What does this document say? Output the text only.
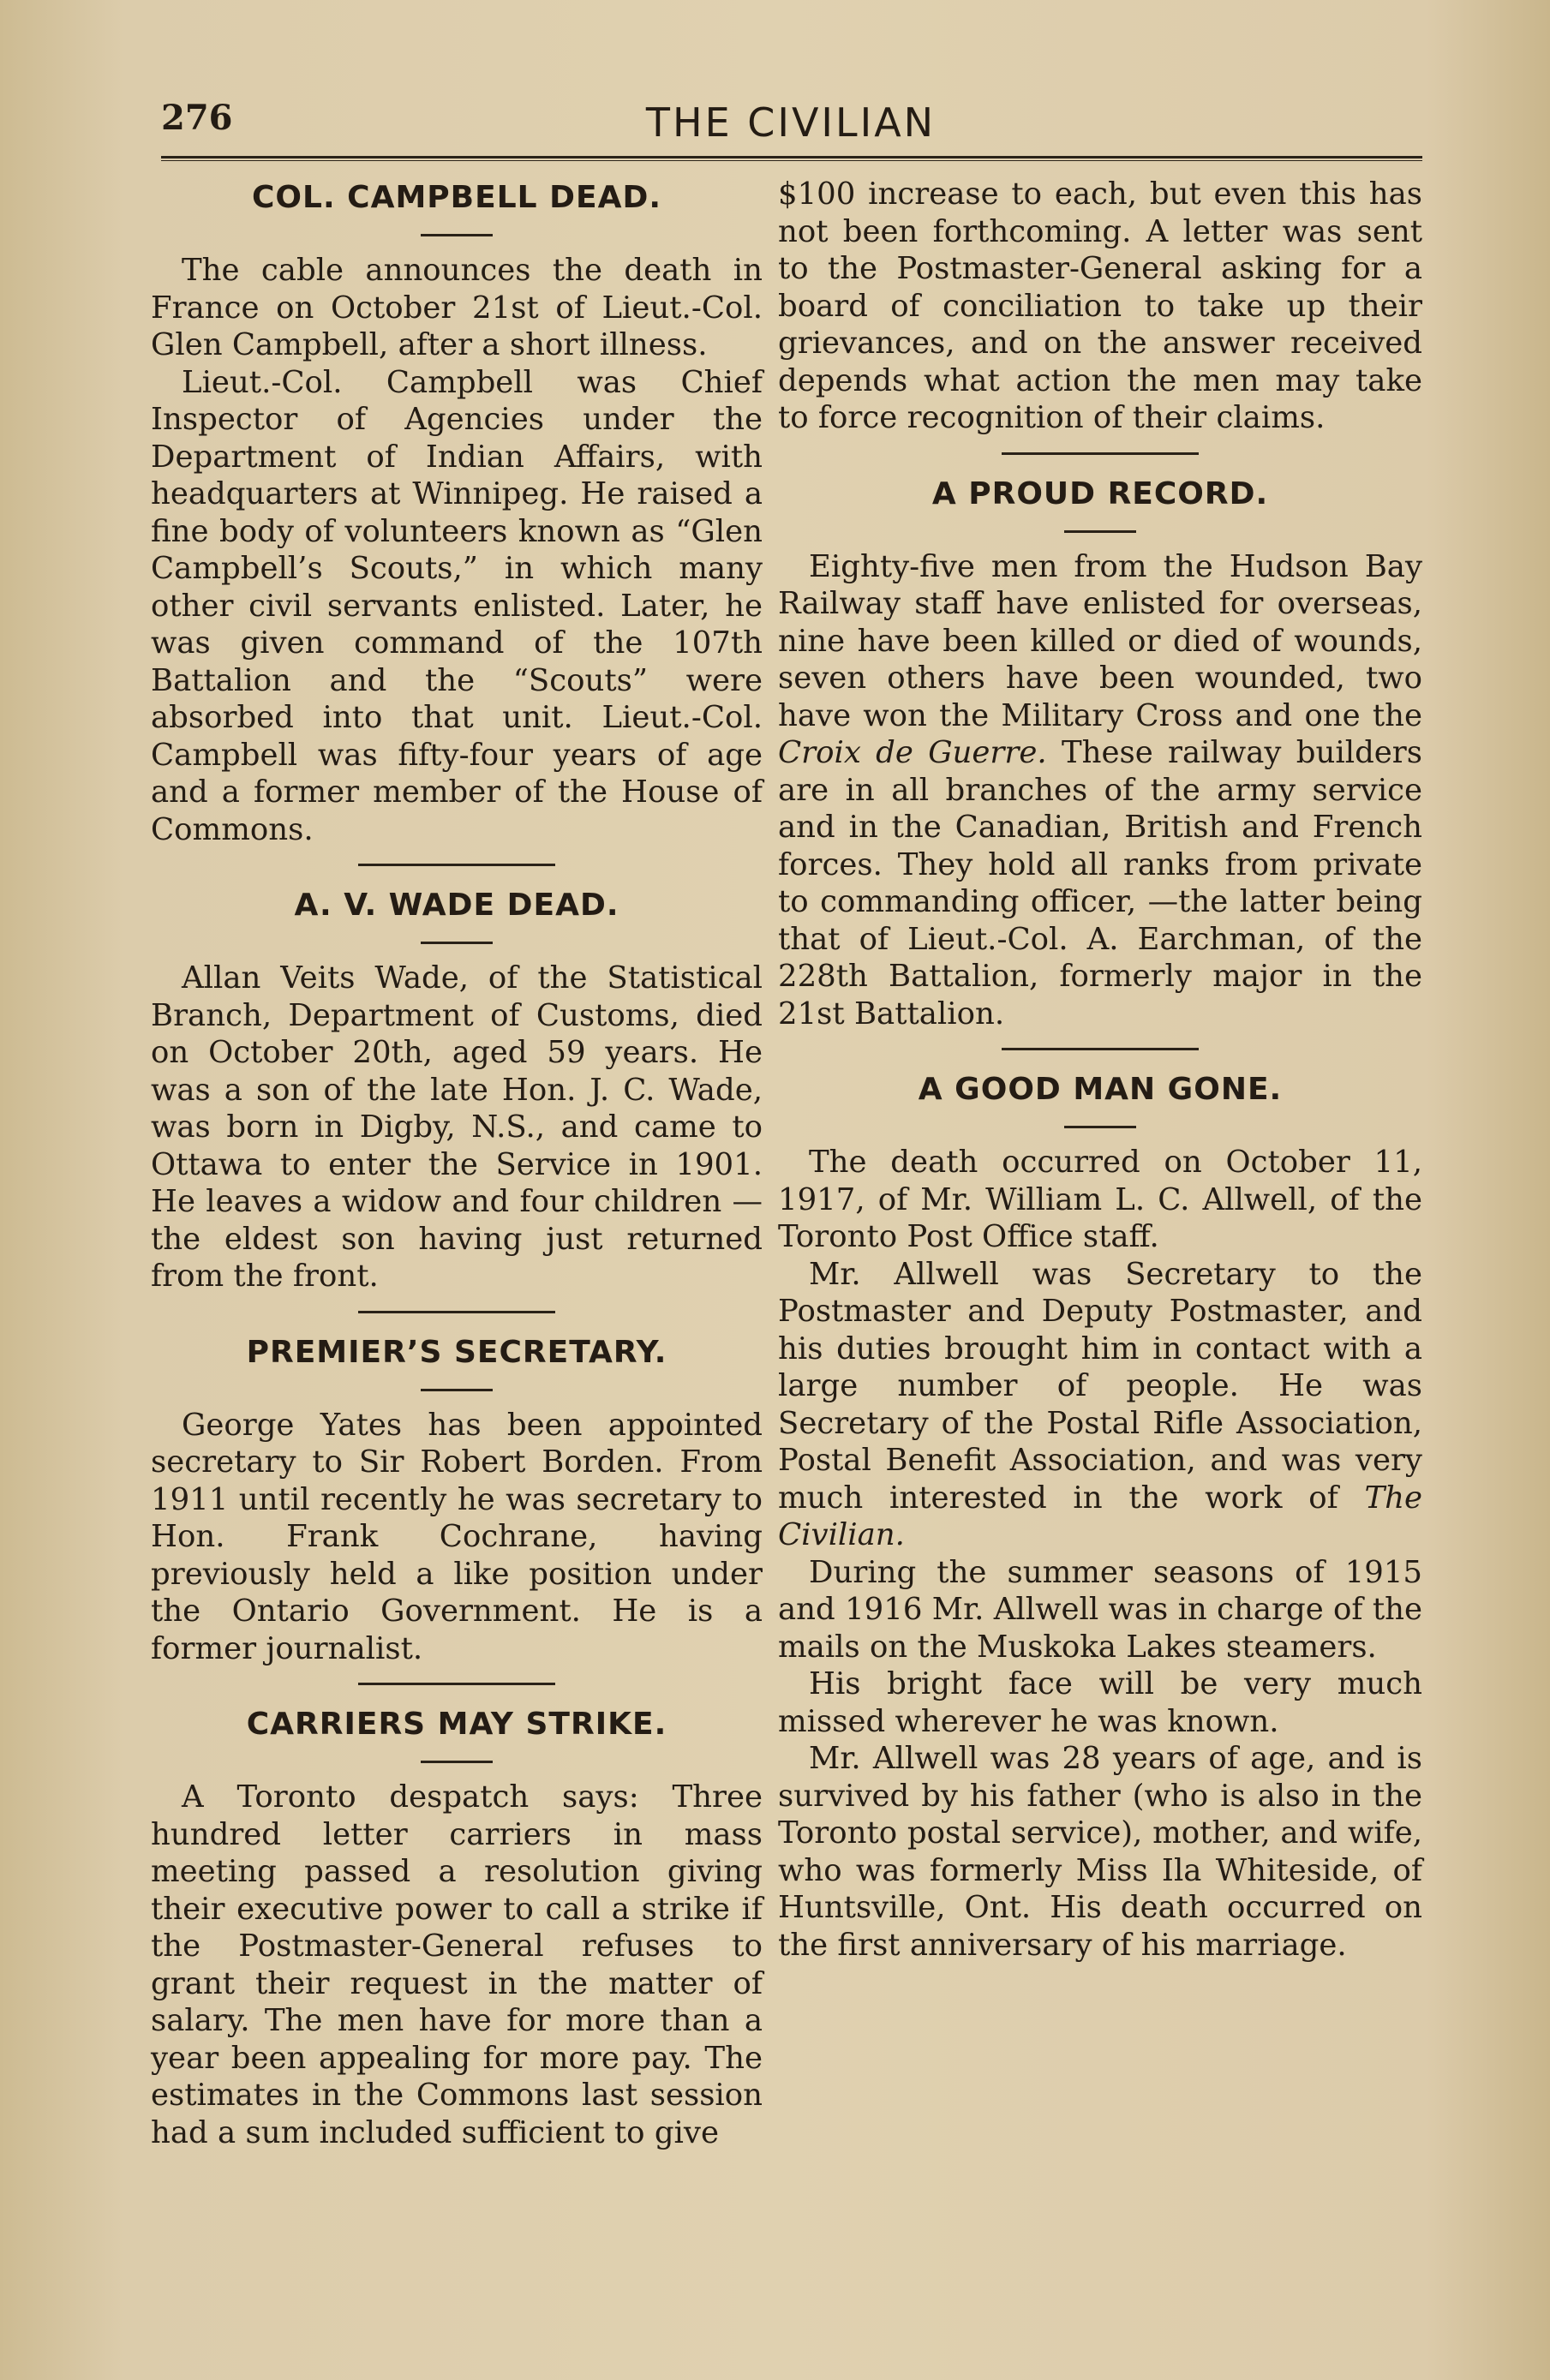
276	THE CIVILIAN
COL. CAMPBELL DEAD.

The cable announces the death in France on October 21st of Lieut.-Col. Glen Campbell, after a short illness.

Lieut.-Col. Campbell was Chief Inspector of Agencies under the Department of Indian Affairs, with headquarters at Winnipeg. He raised a fine body of volunteers known as “Glen Campbell’s Scouts,” in which many other civil servants enlisted. Later, he was given command of the 107th Battalion and the “Scouts” were absorbed into that unit. Lieut.-Col. Campbell was fifty-four years of age and a former member of the House of Commons.

A. V. WADE DEAD.

Allan Veits Wade, of the Statistical Branch, Department of Customs, died on October 20th, aged 59 years. He was a son of the late Hon. J. C. Wade, was born in Digby, N.S., and came to Ottawa to enter the Service in 1901. He leaves a widow and four children —the eldest son having just returned from the front.

PREMIER’S SECRETARY.

George Yates has been appointed secretary to Sir Robert Borden. From 1911 until recently he was secretary to Hon. Frank Cochrane, having previously held a like position under the Ontario Government. He is a former journalist.

CARRIERS MAY STRIKE.

A Toronto despatch says: Three hundred letter carriers in mass meeting passed a resolution giving their executive power to call a strike if the Postmaster-General refuses to grant their request in the matter of salary. The men have for more than a year been appealing for more pay. The estimates in the Commons last session had a sum included sufficient to give

$100 increase to each, but even this has not been forthcoming. A letter was sent to the Postmaster-General asking for a board of conciliation to take up their grievances, and on the answer received depends what action the men may take to force recognition of their claims.

A PROUD RECORD.

Eighty-five men from the Hudson Bay Railway staff have enlisted for overseas, nine have been killed or died of wounds, seven others have been wounded, two have won the Military Cross and one the Croix de Guerre. These railway builders are in all branches of the army service and in the Canadian, British and French forces. They hold all ranks from private to commanding officer, —the latter being that of Lieut.-Col. A. Earchman, of the 228th Battalion, formerly major in the 21st Battalion.

A GOOD MAN GONE.

The death occurred on October 11, 1917, of Mr. William L. C. Allwell, of the Toronto Post Office staff.

Mr. Allwell was Secretary to the Postmaster and Deputy Postmaster, and his duties brought him in contact with a large number of people. He was Secretary of the Postal Rifle Association, Postal Benefit Association, and was very much interested in the work of The Civilian.

During the summer seasons of 1915 and 1916 Mr. Allwell was in charge of the mails on the Muskoka Lakes steamers.

His bright face will be very much missed wherever he was known.

Mr. Allwell was 28 years of age, and is survived by his father (who is also in the Toronto postal service), mother, and wife, who was formerly Miss Ila Whiteside, of Huntsville, Ont. His death occurred on the first anniversary of his marriage.
